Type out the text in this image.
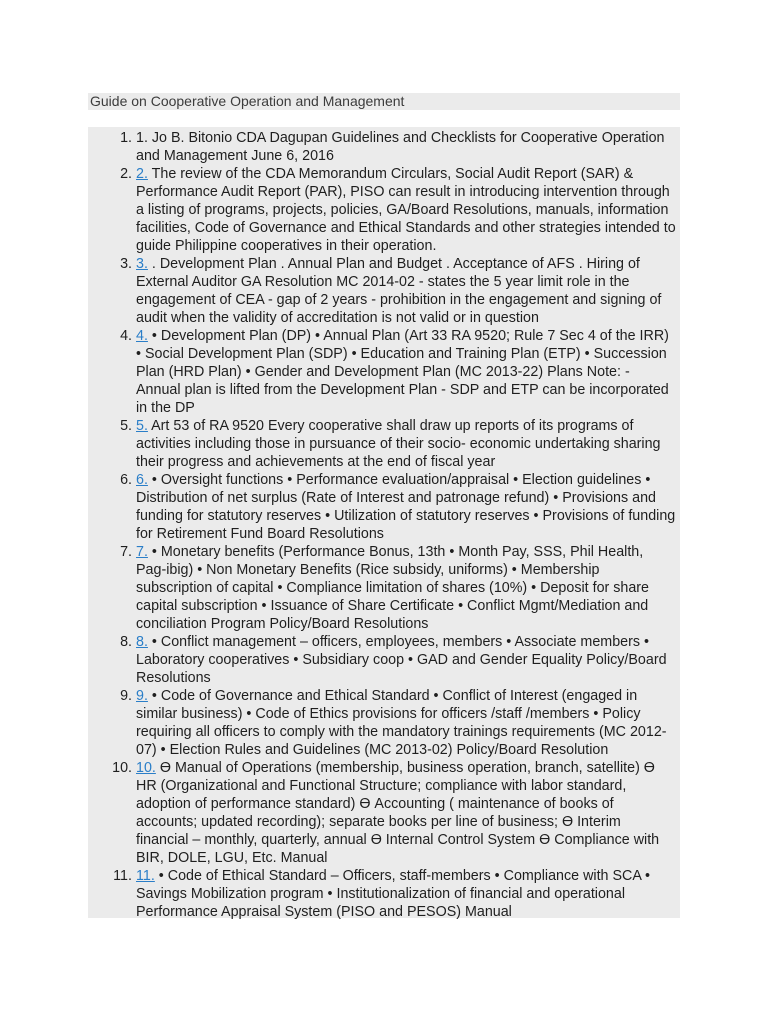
Guide on Cooperative Operation and Management
1. 1. Jo B. Bitonio CDA Dagupan Guidelines and Checklists for Cooperative Operation and Management June 6, 2016
2. 2. The review of the CDA Memorandum Circulars, Social Audit Report (SAR) & Performance Audit Report (PAR), PISO can result in introducing intervention through a listing of programs, projects, policies, GA/Board Resolutions, manuals, information facilities, Code of Governance and Ethical Standards and other strategies intended to guide Philippine cooperatives in their operation.
3. 3. . Development Plan . Annual Plan and Budget . Acceptance of AFS . Hiring of External Auditor GA Resolution MC 2014-02 - states the 5 year limit role in the engagement of CEA - gap of 2 years - prohibition in the engagement and signing of audit when the validity of accreditation is not valid or in question
4. 4. • Development Plan (DP) • Annual Plan (Art 33 RA 9520; Rule 7 Sec 4 of the IRR) • Social Development Plan (SDP) • Education and Training Plan (ETP) • Succession Plan (HRD Plan) • Gender and Development Plan (MC 2013-22) Plans Note: - Annual plan is lifted from the Development Plan - SDP and ETP can be incorporated in the DP
5. 5. Art 53 of RA 9520 Every cooperative shall draw up reports of its programs of activities including those in pursuance of their socio- economic undertaking sharing their progress and achievements at the end of fiscal year
6. 6. • Oversight functions • Performance evaluation/appraisal • Election guidelines • Distribution of net surplus (Rate of Interest and patronage refund) • Provisions and funding for statutory reserves • Utilization of statutory reserves • Provisions of funding for Retirement Fund Board Resolutions
7. 7. • Monetary benefits (Performance Bonus, 13th • Month Pay, SSS, Phil Health, Pag-ibig) • Non Monetary Benefits (Rice subsidy, uniforms) • Membership subscription of capital • Compliance limitation of shares (10%) • Deposit for share capital subscription • Issuance of Share Certificate • Conflict Mgmt/Mediation and conciliation Program Policy/Board Resolutions
8. 8. • Conflict management – officers, employees, members • Associate members • Laboratory cooperatives • Subsidiary coop • GAD and Gender Equality Policy/Board Resolutions
9. 9. • Code of Governance and Ethical Standard • Conflict of Interest (engaged in similar business) • Code of Ethics provisions for officers /staff /members • Policy requiring all officers to comply with the mandatory trainings requirements (MC 2012-07) • Election Rules and Guidelines (MC 2013-02) Policy/Board Resolution
10. 10. ϴ Manual of Operations (membership, business operation, branch, satellite) ϴ HR (Organizational and Functional Structure; compliance with labor standard, adoption of performance standard) ϴ Accounting ( maintenance of books of accounts; updated recording); separate books per line of business; ϴ Interim financial – monthly, quarterly, annual ϴ Internal Control System ϴ Compliance with BIR, DOLE, LGU, Etc. Manual
11. 11. • Code of Ethical Standard – Officers, staff-members • Compliance with SCA • Savings Mobilization program • Institutionalization of financial and operational Performance Appraisal System (PISO and PESOS) Manual
